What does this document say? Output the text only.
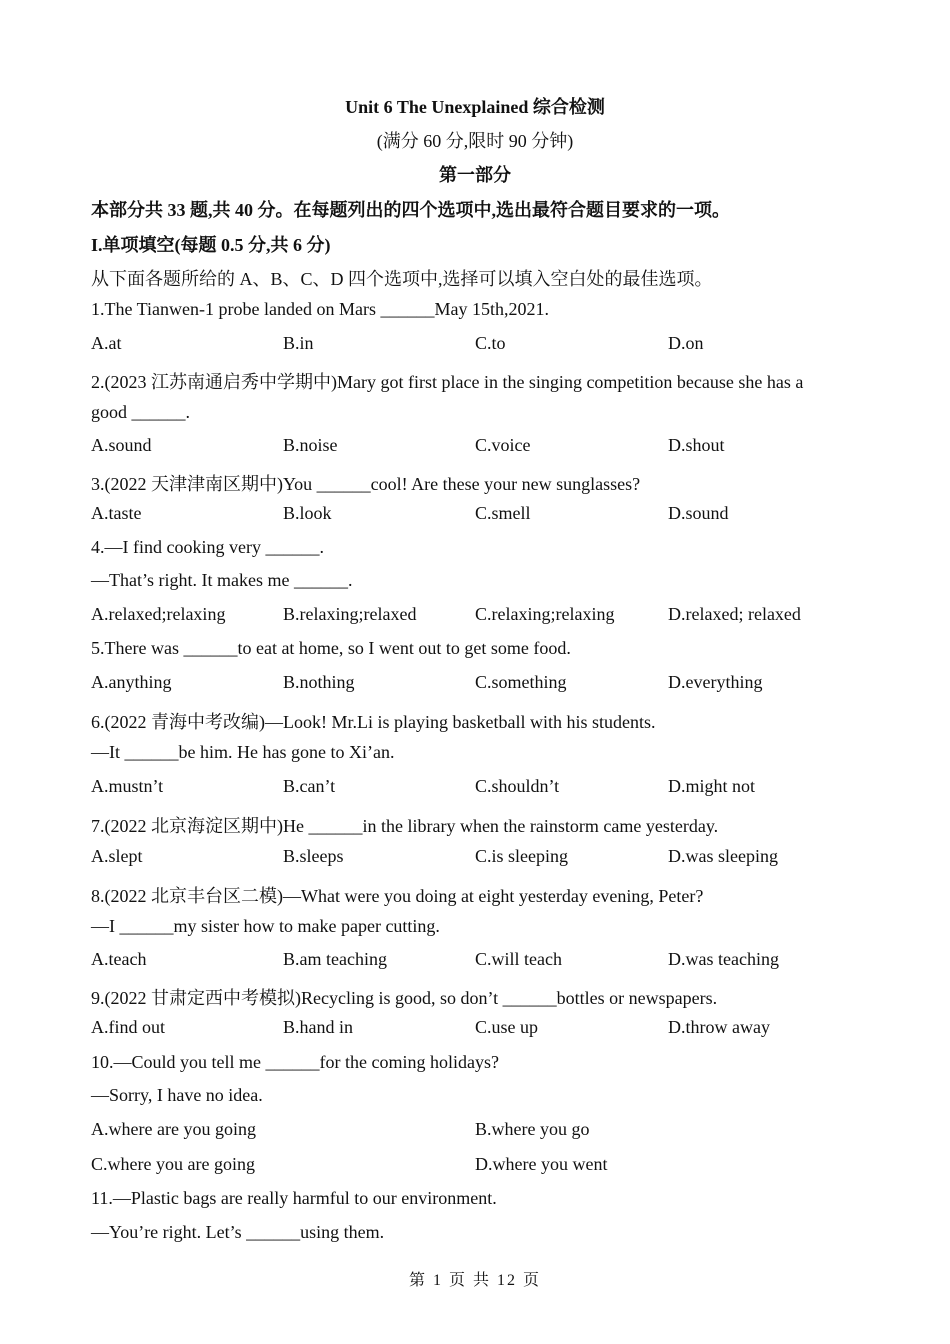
Unit 6 The Unexplained 综合检测
(满分 60 分,限时 90 分钟)
第一部分
本部分共 33 题,共 40 分。在每题列出的四个选项中,选出最符合题目要求的一项。
I.单项填空(每题 0.5 分,共 6 分)
从下面各题所给的 A、B、C、D 四个选项中,选择可以填入空白处的最佳选项。
1.The Tianwen-1 probe landed on Mars ______May 15th,2021.
A.at	B.in	C.to	D.on
2.(2023 江苏南通启秀中学期中)Mary got first place in the singing competition because she has a
good ______.
A.sound	B.noise	C.voice	D.shout
3.(2022 天津津南区期中)You ______cool! Are these your new sunglasses?
A.taste	B.look	C.smell	D.sound
4.—I find cooking very ______.
—That’s right. It makes me ______.
A.relaxed;relaxing	B.relaxing;relaxed	C.relaxing;relaxing	D.relaxed; relaxed
5.There was ______to eat at home, so I went out to get some food.
A.anything	B.nothing	C.something	D.everything
6.(2022 青海中考改编)—Look! Mr.Li is playing basketball with his students.
—It ______be him. He has gone to Xi’an.
A.mustn’t	B.can’t	C.shouldn’t	D.might not
7.(2022 北京海淀区期中)He ______in the library when the rainstorm came yesterday.
A.slept	B.sleeps	C.is sleeping	D.was sleeping
8.(2022 北京丰台区二模)—What were you doing at eight yesterday evening, Peter?
—I ______my sister how to make paper cutting.
A.teach	B.am teaching	C.will teach	D.was teaching
9.(2022 甘肃定西中考模拟)Recycling is good, so don’t ______bottles or newspapers.
A.find out	B.hand in	C.use up	D.throw away
10.—Could you tell me ______for the coming holidays?
—Sorry, I have no idea.
A.where are you going	B.where you go
C.where you are going	D.where you went
11.—Plastic bags are really harmful to our environment.
—You’re right. Let’s ______using them.
第 1 页 共 12 页
